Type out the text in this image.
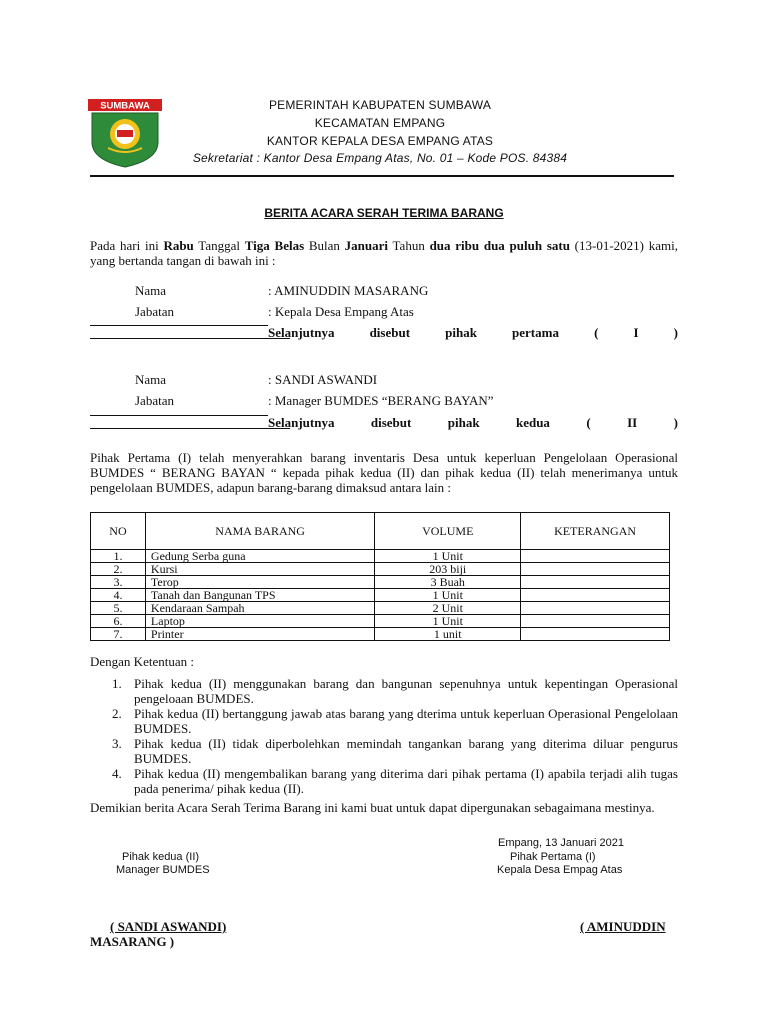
SUMBAWA	PEMERINTAH KABUPATEN SUMBAWA
KECAMATAN EMPANG
KANTOR KEPALA DESA EMPANG ATAS
Sekretariat : Kantor Desa Empang Atas, No. 01 – Kode POS. 84384
BERITA ACARA SERAH TERIMA BARANG
Pada hari ini Rabu Tanggal Tiga Belas Bulan Januari Tahun dua ribu dua puluh satu (13-01-2021) kami, yang bertanda tangan di bawah ini :
Nama	: AMINUDDIN MASARANG
Jabatan	: Kepala Desa Empang Atas
Selanjutnya	disebut	pihak	pertama	(	I	)
Nama	: SANDI ASWANDI
Jabatan	: Manager BUMDES “BERANG BAYAN”
Selanjutnya	disebut	pihak	kedua	(	II	)
Pihak Pertama (I) telah menyerahkan barang inventaris Desa untuk keperluan Pengelolaan Operasional BUMDES “ BERANG BAYAN “ kepada pihak kedua (II) dan pihak kedua (II) telah menerimanya untuk pengelolaan BUMDES, adapun barang-barang dimaksud antara lain :
NO	NAMA BARANG	VOLUME	KETERANGAN
1.	Gedung Serba guna	1 Unit	
2.	Kursi	203 biji	
3.	Terop	3 Buah	
4.	Tanah dan Bangunan TPS	1 Unit	
5.	Kendaraan Sampah	2 Unit	
6.	Laptop	1 Unit	
7.	Printer	1 unit	
Dengan Ketentuan :
1. Pihak kedua (II) menggunakan barang dan bangunan sepenuhnya untuk kepentingan Operasional pengeloaan BUMDES.
2. Pihak kedua (II) bertanggung jawab atas barang yang dterima untuk keperluan Operasional Pengelolaan BUMDES.
3. Pihak kedua (II) tidak diperbolehkan memindah tangankan barang yang diterima diluar pengurus BUMDES.
4. Pihak kedua (II) mengembalikan barang yang diterima dari pihak pertama (I) apabila terjadi alih tugas pada penerima/ pihak kedua (II).
Demikian berita Acara Serah Terima Barang ini kami buat untuk dapat dipergunakan sebagaimana mestinya.
Empang, 13 Januari 2021
Pihak kedua (II)
Manager BUMDES
Pihak Pertama (I)
Kepala Desa Empag Atas
( SANDI ASWANDI)	( AMINUDDIN
MASARANG )
